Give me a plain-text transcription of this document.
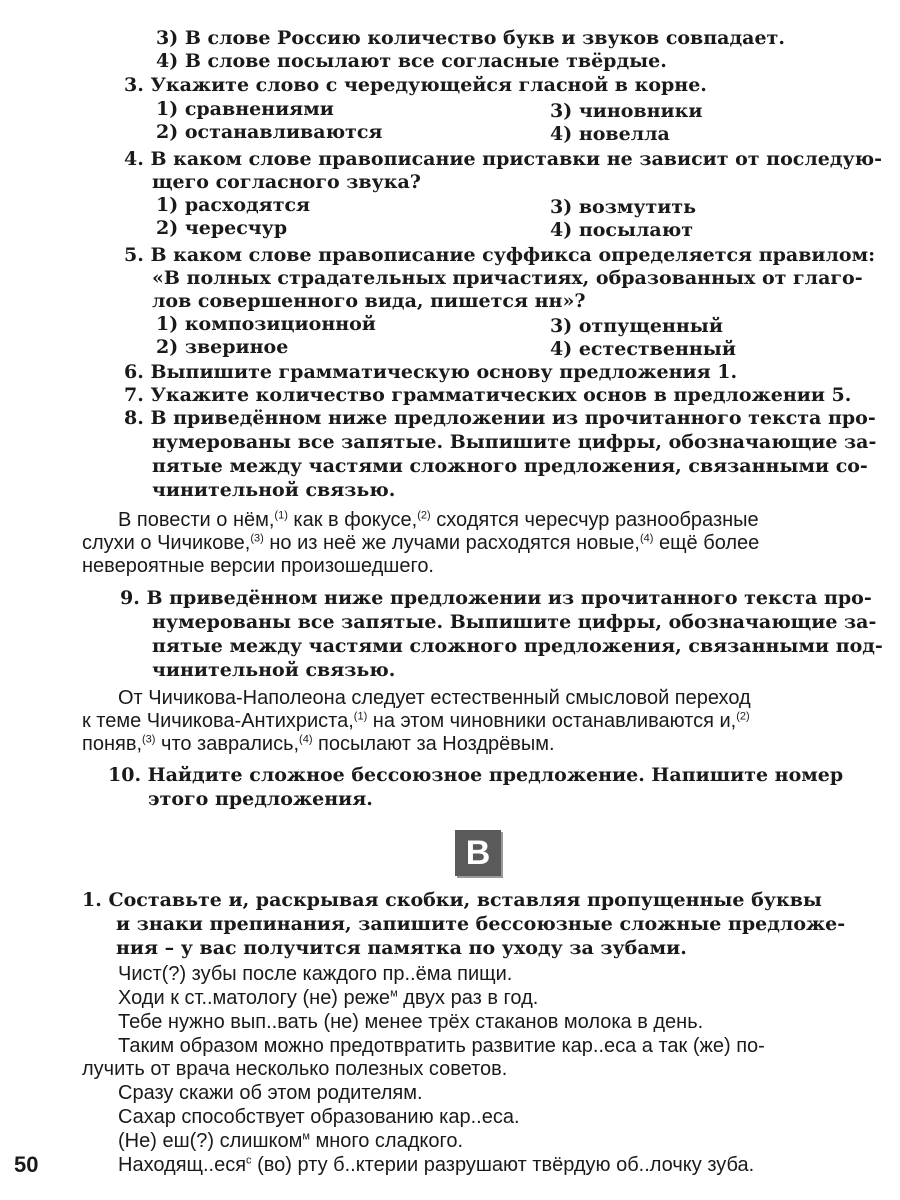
3) В слове Россию количество букв и звуков совпадает.
4) В слове посылают все согласные твёрдые.
3. Укажите слово с чередующейся гласной в корне.
1) сравнениями	3) чиновники
2) останавливаются	4) новелла
4. В каком слове правописание приставки не зависит от последую-
щего согласного звука?
1) расходятся	3) возмутить
2) чересчур	4) посылают
5. В каком слове правописание суффикса определяется правилом:
«В полных страдательных причастиях, образованных от глаго-
лов совершенного вида, пишется нн»?
1) композиционной	3) отпущенный
2) звериное	4) естественный
6. Выпишите грамматическую основу предложения 1.
7. Укажите количество грамматических основ в предложении 5.
8. В приведённом ниже предложении из прочитанного текста про-
нумерованы все запятые. Выпишите цифры, обозначающие за-
пятые между частями сложного предложения, связанными со-
чинительной связью.
В повести о нём,$^{(1)}$ как в фокусе,$^{(2)}$ сходятся чересчур разнообразные
слухи о Чичикове,$^{(3)}$ но из неё же лучами расходятся новые,$^{(4)}$ ещё более
невероятные версии произошедшего.
9. В приведённом ниже предложении из прочитанного текста про-
нумерованы все запятые. Выпишите цифры, обозначающие за-
пятые между частями сложного предложения, связанными под-
чинительной связью.
От Чичикова-Наполеона следует естественный смысловой переход
к теме Чичикова-Антихриста,$^{(1)}$ на этом чиновники останавливаются и,$^{(2)}$
поняв,$^{(3)}$ что заврались,$^{(4)}$ посылают за Ноздрёвым.
10. Найдите сложное бессоюзное предложение. Напишите номер
этого предложения.
В
1. Составьте и, раскрывая скобки, вставляя пропущенные буквы
и знаки препинания, запишите бессоюзные сложные предложе-
ния – у вас получится памятка по уходу за зубами.
Чист(?) зубы после каждого пр..ёма пищи.
Ходи к ст..матологу (не) реже$^м$ двух раз в год.
Тебе нужно вып..вать (не) менее трёх стаканов молока в день.
Таким образом можно предотвратить развитие кар..еса а так (же) по-
лучить от врача несколько полезных советов.
Сразу скажи об этом родителям.
Сахар способствует образованию кар..еса.
(Не) еш(?) слишком$^м$ много сладкого.
Находящ..еся$^с$ (во) рту б..ктерии разрушают твёрдую об..лочку зуба.
50
